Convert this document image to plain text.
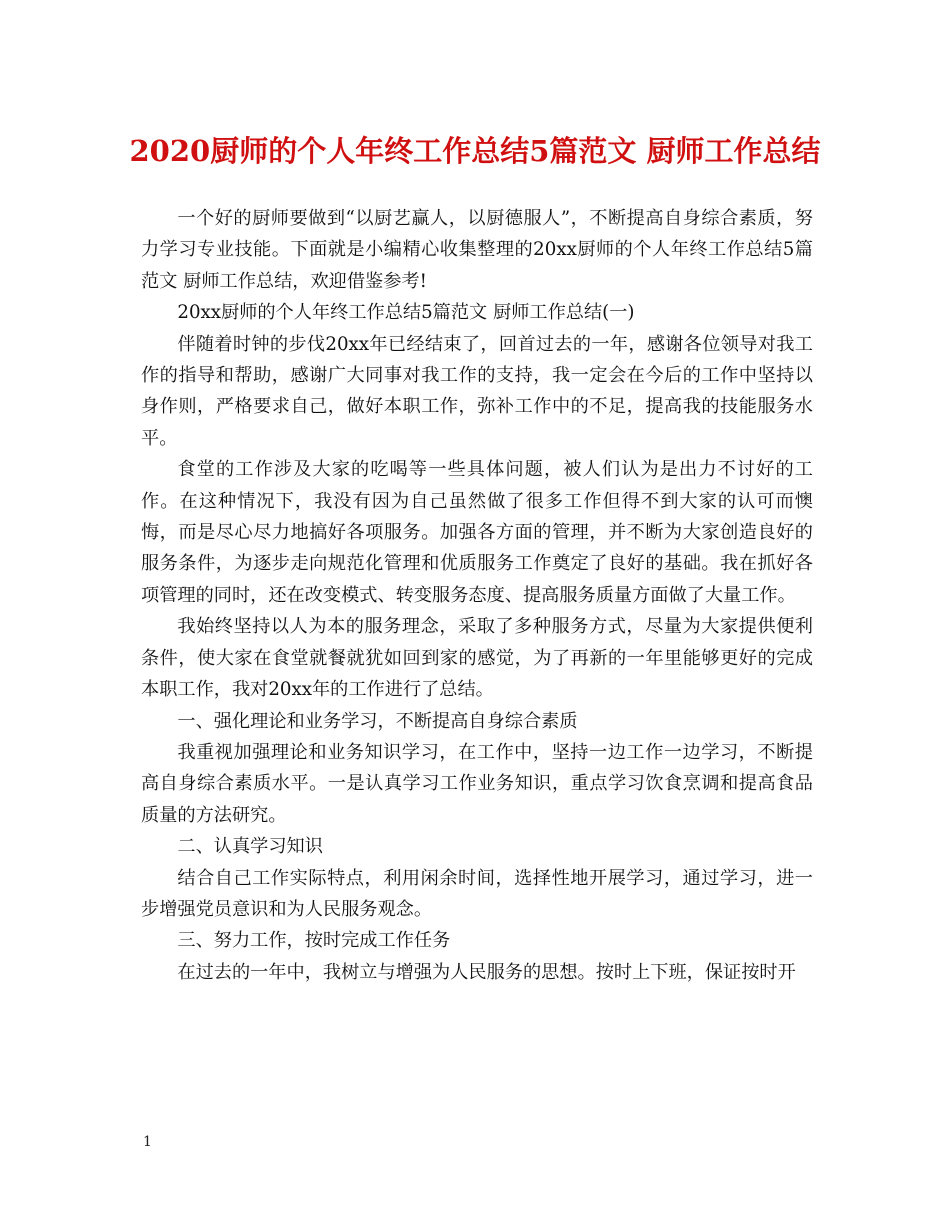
2020厨师的个人年终工作总结5篇范文 厨师工作总结

一个好的厨师要做到“以厨艺赢人，以厨德服人”，不断提高自身综合素质，努力学习专业技能。下面就是小编精心收集整理的20xx厨师的个人年终工作总结5篇范文 厨师工作总结，欢迎借鉴参考!

20xx厨师的个人年终工作总结5篇范文 厨师工作总结(一)

伴随着时钟的步伐20xx年已经结束了，回首过去的一年，感谢各位领导对我工作的指导和帮助，感谢广大同事对我工作的支持，我一定会在今后的工作中坚持以身作则，严格要求自己，做好本职工作，弥补工作中的不足，提高我的技能服务水平。

食堂的工作涉及大家的吃喝等一些具体问题，被人们认为是出力不讨好的工作。在这种情况下，我没有因为自己虽然做了很多工作但得不到大家的认可而懊悔，而是尽心尽力地搞好各项服务。加强各方面的管理，并不断为大家创造良好的服务条件，为逐步走向规范化管理和优质服务工作奠定了良好的基础。我在抓好各项管理的同时，还在改变模式、转变服务态度、提高服务质量方面做了大量工作。

我始终坚持以人为本的服务理念，采取了多种服务方式，尽量为大家提供便利条件，使大家在食堂就餐就犹如回到家的感觉，为了再新的一年里能够更好的完成本职工作，我对20xx年的工作进行了总结。

一、强化理论和业务学习，不断提高自身综合素质

我重视加强理论和业务知识学习，在工作中，坚持一边工作一边学习，不断提高自身综合素质水平。一是认真学习工作业务知识，重点学习饮食烹调和提高食品质量的方法研究。

二、认真学习知识

结合自己工作实际特点，利用闲余时间，选择性地开展学习，通过学习，进一步增强党员意识和为人民服务观念。

三、努力工作，按时完成工作任务

在过去的一年中，我树立与增强为人民服务的思想。按时上下班，保证按时开

1
